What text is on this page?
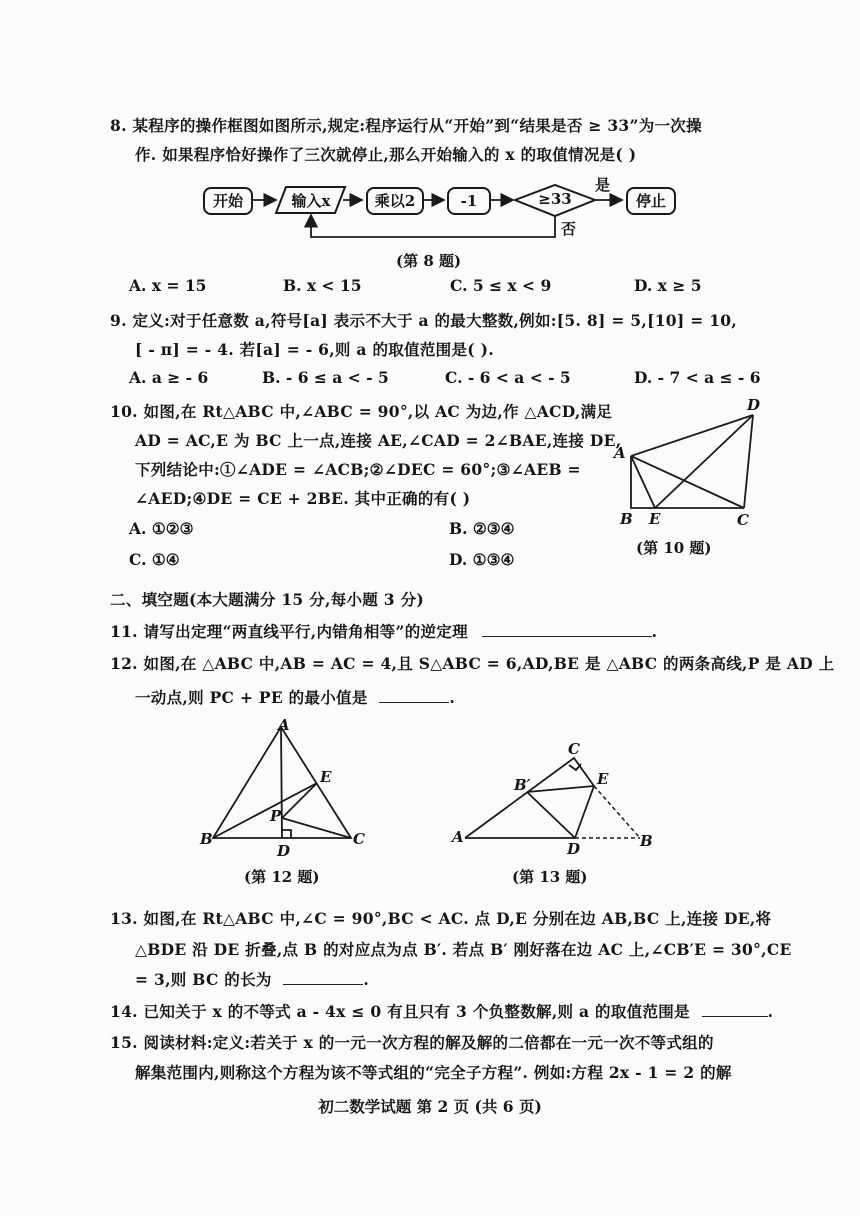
8. 某程序的操作框图如图所示,规定:程序运行从“开始”到“结果是否 ≥ 33”为一次操
作. 如果程序恰好操作了三次就停止,那么开始输入的 x 的取值情况是( )
开始	输入x	乘以2	-1	≥33
是
停止
否
(第 8 题)
A. x = 15	B. x < 15	C. 5 ≤ x < 9	D. x ≥ 5
9. 定义:对于任意数 a,符号[a] 表示不大于 a 的最大整数,例如:[5. 8] = 5,[10] = 10,
[ - π] = - 4. 若[a] = - 6,则 a 的取值范围是( ).
A. a ≥ - 6	B. - 6 ≤ a < - 5	C. - 6 < a < - 5	D. - 7 < a ≤ - 6
10. 如图,在 Rt△ABC 中,∠ABC = 90°,以 AC 为边,作 △ACD,满足
AD = AC,E 为 BC 上一点,连接 AE,∠CAD = 2∠BAE,连接 DE,
下列结论中:①∠ADE = ∠ACB;②∠DEC = 60°;③∠AEB =
∠AED;④DE = CE + 2BE. 其中正确的有( )
A. ①②③	B. ②③④
C. ①④	D. ①③④
D
A
B E	C
(第 10 题)
二、填空题(本大题满分 15 分,每小题 3 分)
11. 请写出定理“两直线平行,内错角相等”的逆定理	.
12. 如图,在 △ABC 中,AB = AC = 4,且 S△ABC = 6,AD,BE 是 △ABC 的两条高线,P 是 AD 上
一动点,则 PC + PE 的最小值是	.
A
B	C
D
E
P
(第 12 题)
C
B′	E
A
D	B
(第 13 题)
13. 如图,在 Rt△ABC 中,∠C = 90°,BC < AC. 点 D,E 分别在边 AB,BC 上,连接 DE,将
△BDE 沿 DE 折叠,点 B 的对应点为点 B′. 若点 B′ 刚好落在边 AC 上,∠CB′E = 30°,CE
= 3,则 BC 的长为	.
14. 已知关于 x 的不等式 a - 4x ≤ 0 有且只有 3 个负整数解,则 a 的取值范围是	.
15. 阅读材料:定义:若关于 x 的一元一次方程的解及解的二倍都在一元一次不等式组的
解集范围内,则称这个方程为该不等式组的“完全子方程”. 例如:方程 2x - 1 = 2 的解
初二数学试题 第 2 页 (共 6 页)
